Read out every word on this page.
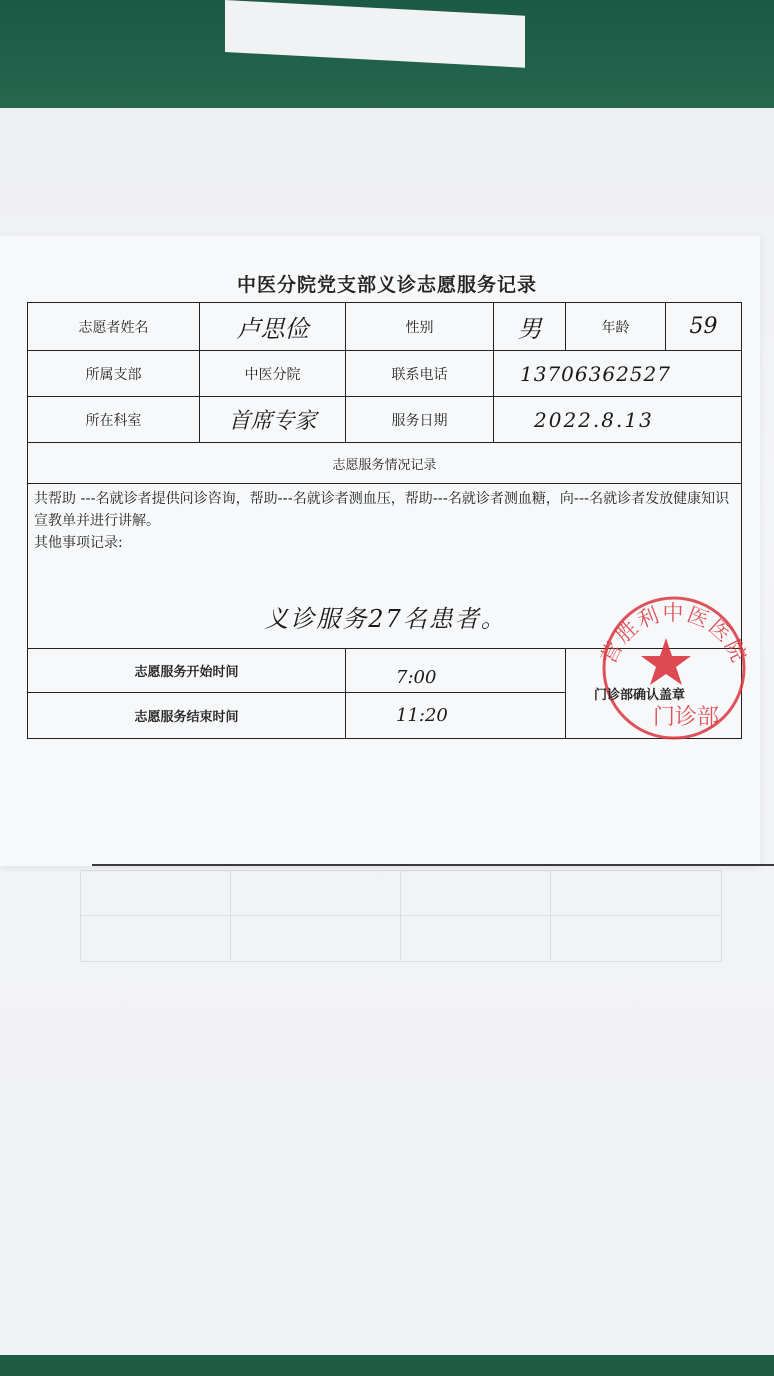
中医分院党支部义诊志愿服务记录
志愿者姓名	卢思俭	性别	男	年龄	59
所属支部	中医分院	联系电话	13706362527		
所在科室	首席专家	服务日期	2022.8.13		
志愿服务情况记录					
共帮助 ---名就诊者提供问诊咨询，帮助---名就诊者测血压，帮助---名就诊者测血糖，向---名就诊者发放健康知识宣教单并进行讲解。
其他事项记录:
义诊服务27名患者。					

志愿服务开始时间		7:00			
志愿服务结束时间		11:20			
营胜利中医医院
门诊部
门诊部确认盖章
